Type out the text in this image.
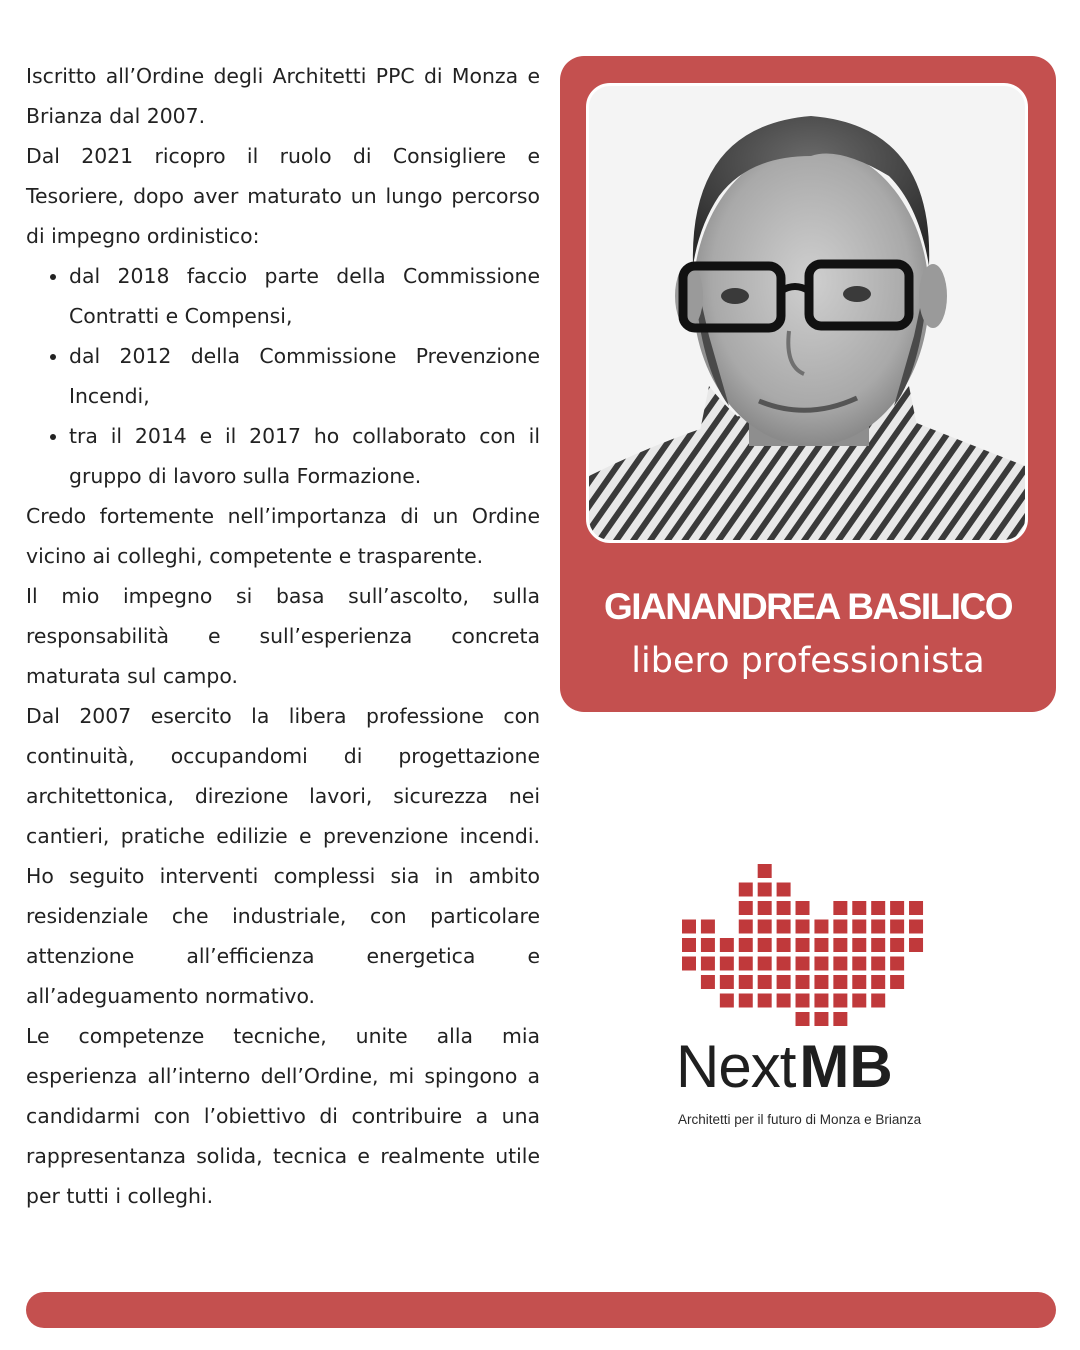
Iscritto all’Ordine degli Architetti PPC di Monza e Brianza dal 2007.

Dal 2021 ricopro il ruolo di Consigliere e Tesoriere, dopo aver maturato un lungo percorso di impegno ordinistico:

• dal 2018 faccio parte della Commissione Contratti e Compensi,
• dal 2012 della Commissione Prevenzione Incendi,
• tra il 2014 e il 2017 ho collaborato con il gruppo di lavoro sulla Formazione.

Credo fortemente nell’importanza di un Ordine vicino ai colleghi, competente e trasparente.

Il mio impegno si basa sull’ascolto, sulla responsabilità e sull’esperienza concreta maturata sul campo.

Dal 2007 esercito la libera professione con continuità, occupandomi di progettazione architettonica, direzione lavori, sicurezza nei cantieri, pratiche edilizie e prevenzione incendi. Ho seguito interventi complessi sia in ambito residenziale che industriale, con particolare attenzione all’efficienza energetica e all’adeguamento normativo.

Le competenze tecniche, unite alla mia esperienza all’interno dell’Ordine, mi spingono a candidarmi con l’obiettivo di contribuire a una rappresentanza solida, tecnica e realmente utile per tutti i colleghi.

GIANANDREA BASILICO
libero professionista
NextMB
Architetti per il futuro di Monza e Brianza
